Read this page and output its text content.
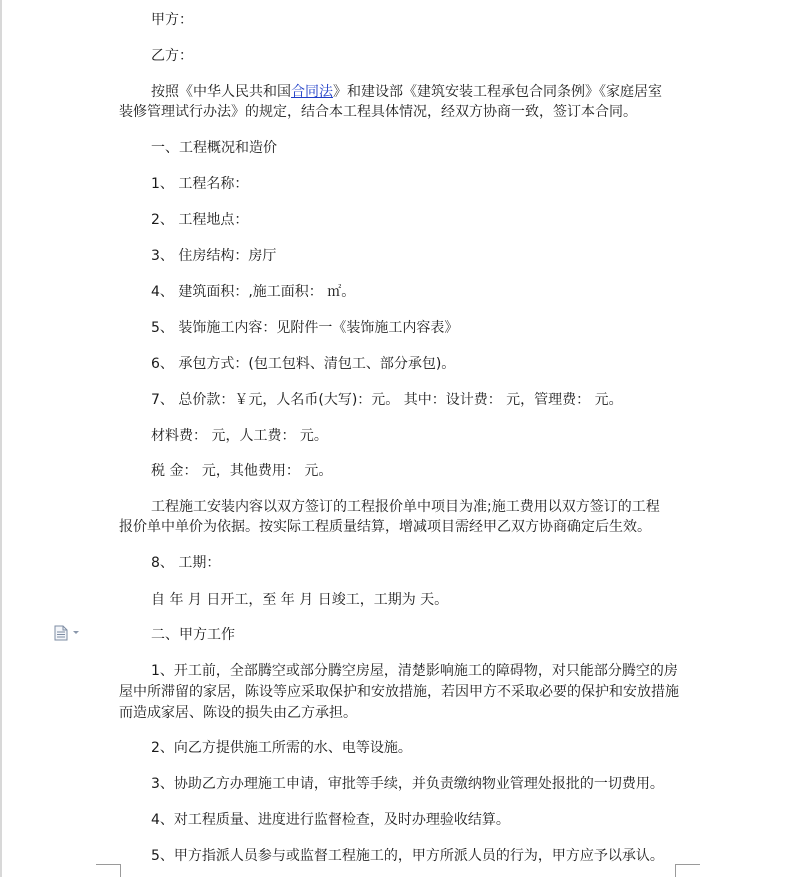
甲方：
乙方：
按照《中华人民共和国合同法》和建设部《建筑安装工程承包合同条例》《家庭居室
装修管理试行办法》的规定，结合本工程具体情况，经双方协商一致，签订本合同。
一、工程概况和造价
1、 工程名称：
2、 工程地点：
3、 住房结构：房厅
4、 建筑面积：,施工面积： ㎡。
5、 装饰施工内容：见附件一《装饰施工内容表》
6、 承包方式：(包工包料、清包工、部分承包)。
7、 总价款：￥元，人名币(大写)：元。 其中：设计费： 元，管理费： 元。
材料费： 元，人工费： 元。
税 金： 元，其他费用： 元。
工程施工安装内容以双方签订的工程报价单中项目为准;施工费用以双方签订的工程
报价单中单价为依据。按实际工程质量结算，增减项目需经甲乙双方协商确定后生效。
8、 工期：
自 年 月 日开工，至 年 月 日竣工，工期为 天。
二、甲方工作
1、开工前，全部腾空或部分腾空房屋，清楚影响施工的障碍物，对只能部分腾空的房
屋中所滞留的家居，陈设等应采取保护和安放措施，若因甲方不采取必要的保护和安放措施
而造成家居、陈设的损失由乙方承担。
2、向乙方提供施工所需的水、电等设施。
3、协助乙方办理施工申请，审批等手续，并负责缴纳物业管理处报批的一切费用。
4、对工程质量、进度进行监督检查，及时办理验收结算。
5、甲方指派人员参与或监督工程施工的，甲方所派人员的行为，甲方应予以承认。
